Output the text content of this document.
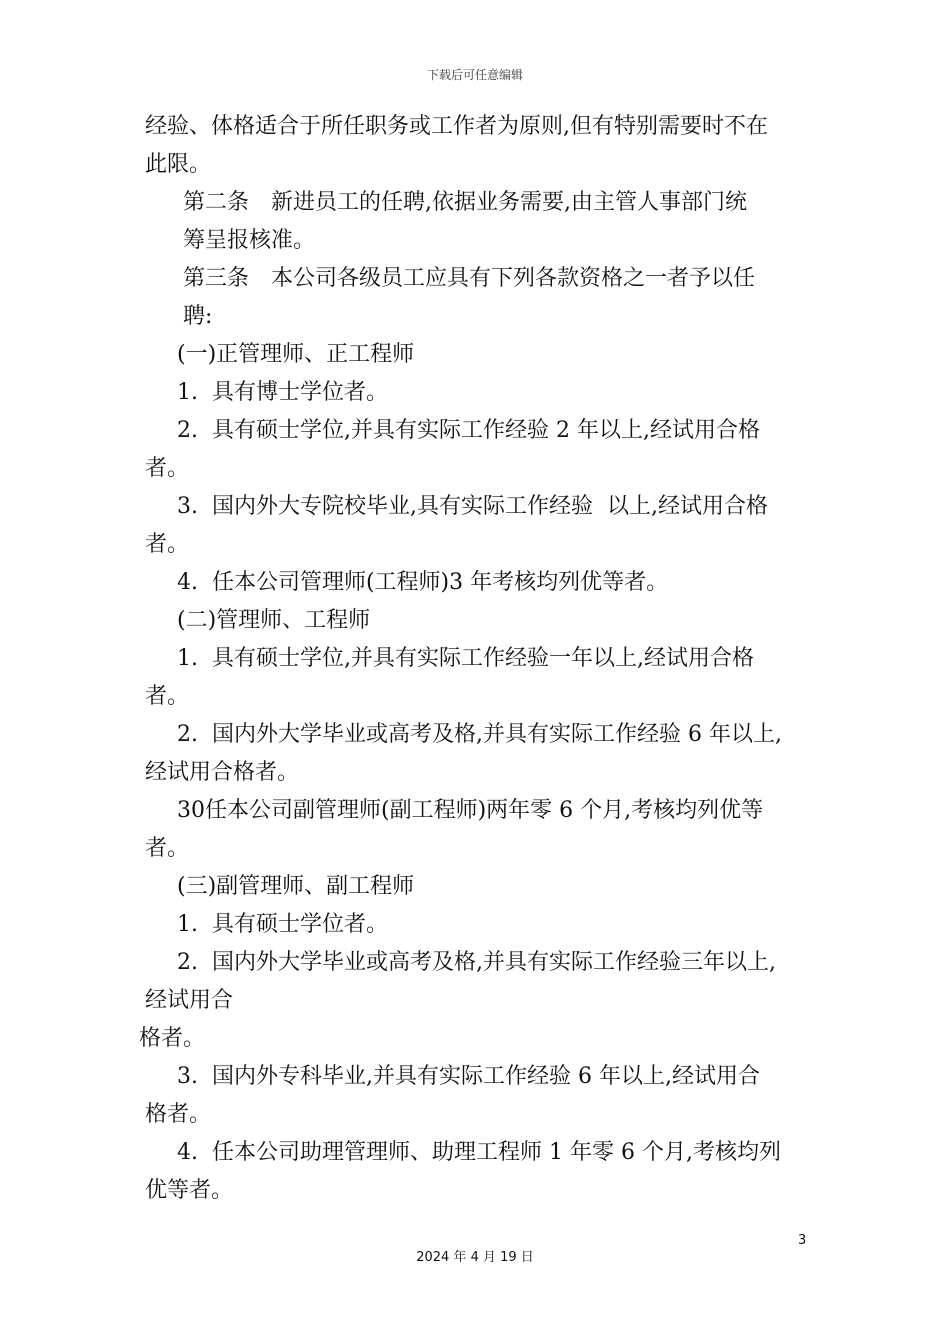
下载后可任意编辑
经验、体格适合于所任职务或工作者为原则,但有特别需要时不在
此限。
第二条　新进员工的任聘,依据业务需要,由主管人事部门统
筹呈报核准。
第三条　本公司各级员工应具有下列各款资格之一者予以任
聘:
(一)正管理师、正工程师
1.  具有博士学位者。
2.  具有硕士学位,并具有实际工作经验 2 年以上,经试用合格
者。
3.  国内外大专院校毕业,具有实际工作经验  以上,经试用合格
者。
4.  任本公司管理师(工程师)3 年考核均列优等者。
(二)管理师、工程师
1.  具有硕士学位,并具有实际工作经验一年以上,经试用合格
者。
2.  国内外大学毕业或高考及格,并具有实际工作经验 6 年以上,
经试用合格者。
30任本公司副管理师(副工程师)两年零 6 个月,考核均列优等
者。
(三)副管理师、副工程师
1.  具有硕士学位者。
2.  国内外大学毕业或高考及格,并具有实际工作经验三年以上,
经试用合
格者。
3.  国内外专科毕业,并具有实际工作经验 6 年以上,经试用合
格者。
4.  任本公司助理管理师、助理工程师 1 年零 6 个月,考核均列
优等者。
3
2024 年 4 月 19 日
